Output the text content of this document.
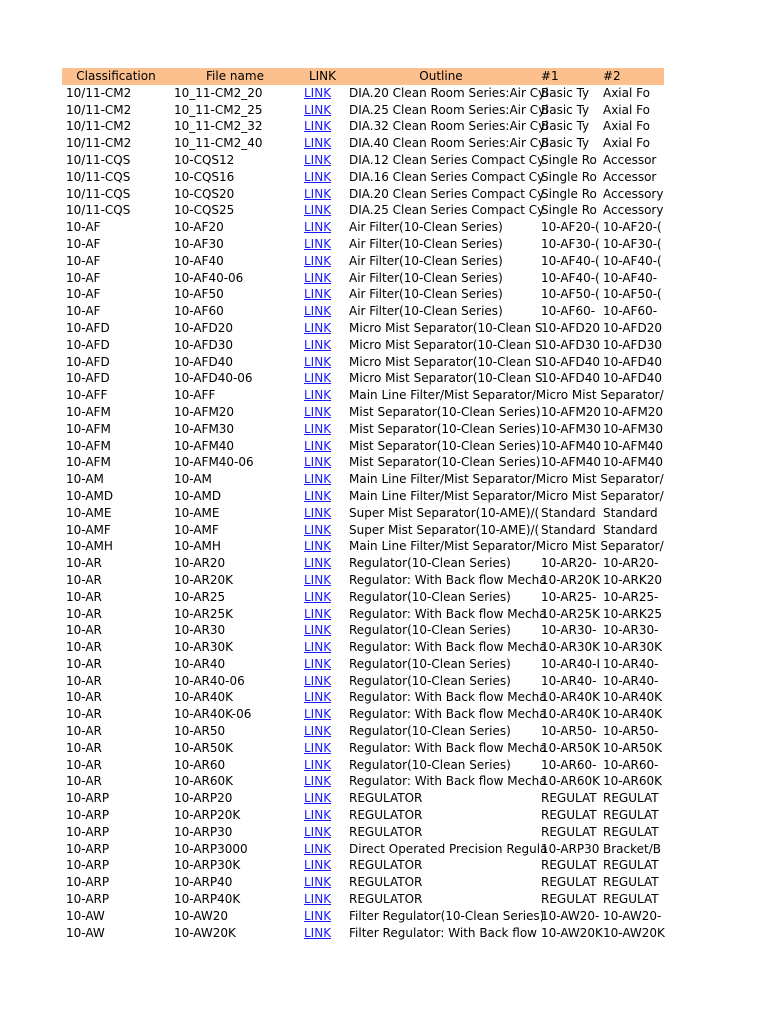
Classification	File name	LINK	Outline	#1	#2
10/11-CM2	10_11-CM2_20	LINK	DIA.20 Clean Room Series:Air Cyl	Basic Ty	Axial Fo
10/11-CM2	10_11-CM2_25	LINK	DIA.25 Clean Room Series:Air Cyl	Basic Ty	Axial Fo
10/11-CM2	10_11-CM2_32	LINK	DIA.32 Clean Room Series:Air Cyl	Basic Ty	Axial Fo
10/11-CM2	10_11-CM2_40	LINK	DIA.40 Clean Room Series:Air Cyl	Basic Ty	Axial Fo
10/11-CQS	10-CQS12	LINK	DIA.12 Clean Series Compact Cy	Single Ro	Accessor
10/11-CQS	10-CQS16	LINK	DIA.16 Clean Series Compact Cy	Single Ro	Accessor
10/11-CQS	10-CQS20	LINK	DIA.20 Clean Series Compact Cy	Single Ro	Accessory
10/11-CQS	10-CQS25	LINK	DIA.25 Clean Series Compact Cy	Single Ro	Accessory
10-AF	10-AF20	LINK	Air Filter(10-Clean Series)	10-AF20-(	10-AF20-(
10-AF	10-AF30	LINK	Air Filter(10-Clean Series)	10-AF30-(	10-AF30-(
10-AF	10-AF40	LINK	Air Filter(10-Clean Series)	10-AF40-(	10-AF40-(
10-AF	10-AF40-06	LINK	Air Filter(10-Clean Series)	10-AF40-(	10-AF40-
10-AF	10-AF50	LINK	Air Filter(10-Clean Series)	10-AF50-(	10-AF50-(
10-AF	10-AF60	LINK	Air Filter(10-Clean Series)	10-AF60-	10-AF60-
10-AFD	10-AFD20	LINK	Micro Mist Separator(10-Clean S	10-AFD20	10-AFD20
10-AFD	10-AFD30	LINK	Micro Mist Separator(10-Clean S	10-AFD30	10-AFD30
10-AFD	10-AFD40	LINK	Micro Mist Separator(10-Clean S	10-AFD40	10-AFD40
10-AFD	10-AFD40-06	LINK	Micro Mist Separator(10-Clean S	10-AFD40	10-AFD40
10-AFF	10-AFF	LINK	Main Line Filter/Mist Separator/Micro Mist Separator/		
10-AFM	10-AFM20	LINK	Mist Separator(10-Clean Series)	10-AFM20	10-AFM20
10-AFM	10-AFM30	LINK	Mist Separator(10-Clean Series)	10-AFM30	10-AFM30
10-AFM	10-AFM40	LINK	Mist Separator(10-Clean Series)	10-AFM40	10-AFM40
10-AFM	10-AFM40-06	LINK	Mist Separator(10-Clean Series)	10-AFM40	10-AFM40
10-AM	10-AM	LINK	Main Line Filter/Mist Separator/Micro Mist Separator/		
10-AMD	10-AMD	LINK	Main Line Filter/Mist Separator/Micro Mist Separator/		
10-AME	10-AME	LINK	Super Mist Separator(10-AME)/(	Standard	Standard
10-AMF	10-AMF	LINK	Super Mist Separator(10-AME)/(	Standard	Standard
10-AMH	10-AMH	LINK	Main Line Filter/Mist Separator/Micro Mist Separator/		
10-AR	10-AR20	LINK	Regulator(10-Clean Series)	10-AR20-	10-AR20-
10-AR	10-AR20K	LINK	Regulator: With Back flow Mecha	10-AR20K	10-ARK20
10-AR	10-AR25	LINK	Regulator(10-Clean Series)	10-AR25-	10-AR25-
10-AR	10-AR25K	LINK	Regulator: With Back flow Mecha	10-AR25K	10-ARK25
10-AR	10-AR30	LINK	Regulator(10-Clean Series)	10-AR30-	10-AR30-
10-AR	10-AR30K	LINK	Regulator: With Back flow Mecha	10-AR30K	10-AR30K
10-AR	10-AR40	LINK	Regulator(10-Clean Series)	10-AR40-I	10-AR40-
10-AR	10-AR40-06	LINK	Regulator(10-Clean Series)	10-AR40-	10-AR40-
10-AR	10-AR40K	LINK	Regulator: With Back flow Mecha	10-AR40K	10-AR40K
10-AR	10-AR40K-06	LINK	Regulator: With Back flow Mecha	10-AR40K	10-AR40K
10-AR	10-AR50	LINK	Regulator(10-Clean Series)	10-AR50-	10-AR50-
10-AR	10-AR50K	LINK	Regulator: With Back flow Mecha	10-AR50K	10-AR50K
10-AR	10-AR60	LINK	Regulator(10-Clean Series)	10-AR60-	10-AR60-
10-AR	10-AR60K	LINK	Regulator: With Back flow Mecha	10-AR60K	10-AR60K
10-ARP	10-ARP20	LINK	REGULATOR	REGULAT	REGULAT
10-ARP	10-ARP20K	LINK	REGULATOR	REGULAT	REGULAT
10-ARP	10-ARP30	LINK	REGULATOR	REGULAT	REGULAT
10-ARP	10-ARP3000	LINK	Direct Operated Precision Regula	10-ARP30	Bracket/B
10-ARP	10-ARP30K	LINK	REGULATOR	REGULAT	REGULAT
10-ARP	10-ARP40	LINK	REGULATOR	REGULAT	REGULAT
10-ARP	10-ARP40K	LINK	REGULATOR	REGULAT	REGULAT
10-AW	10-AW20	LINK	Filter Regulator(10-Clean Series)	10-AW20-	10-AW20-
10-AW	10-AW20K	LINK	Filter Regulator: With Back flow	10-AW20K	10-AW20K
